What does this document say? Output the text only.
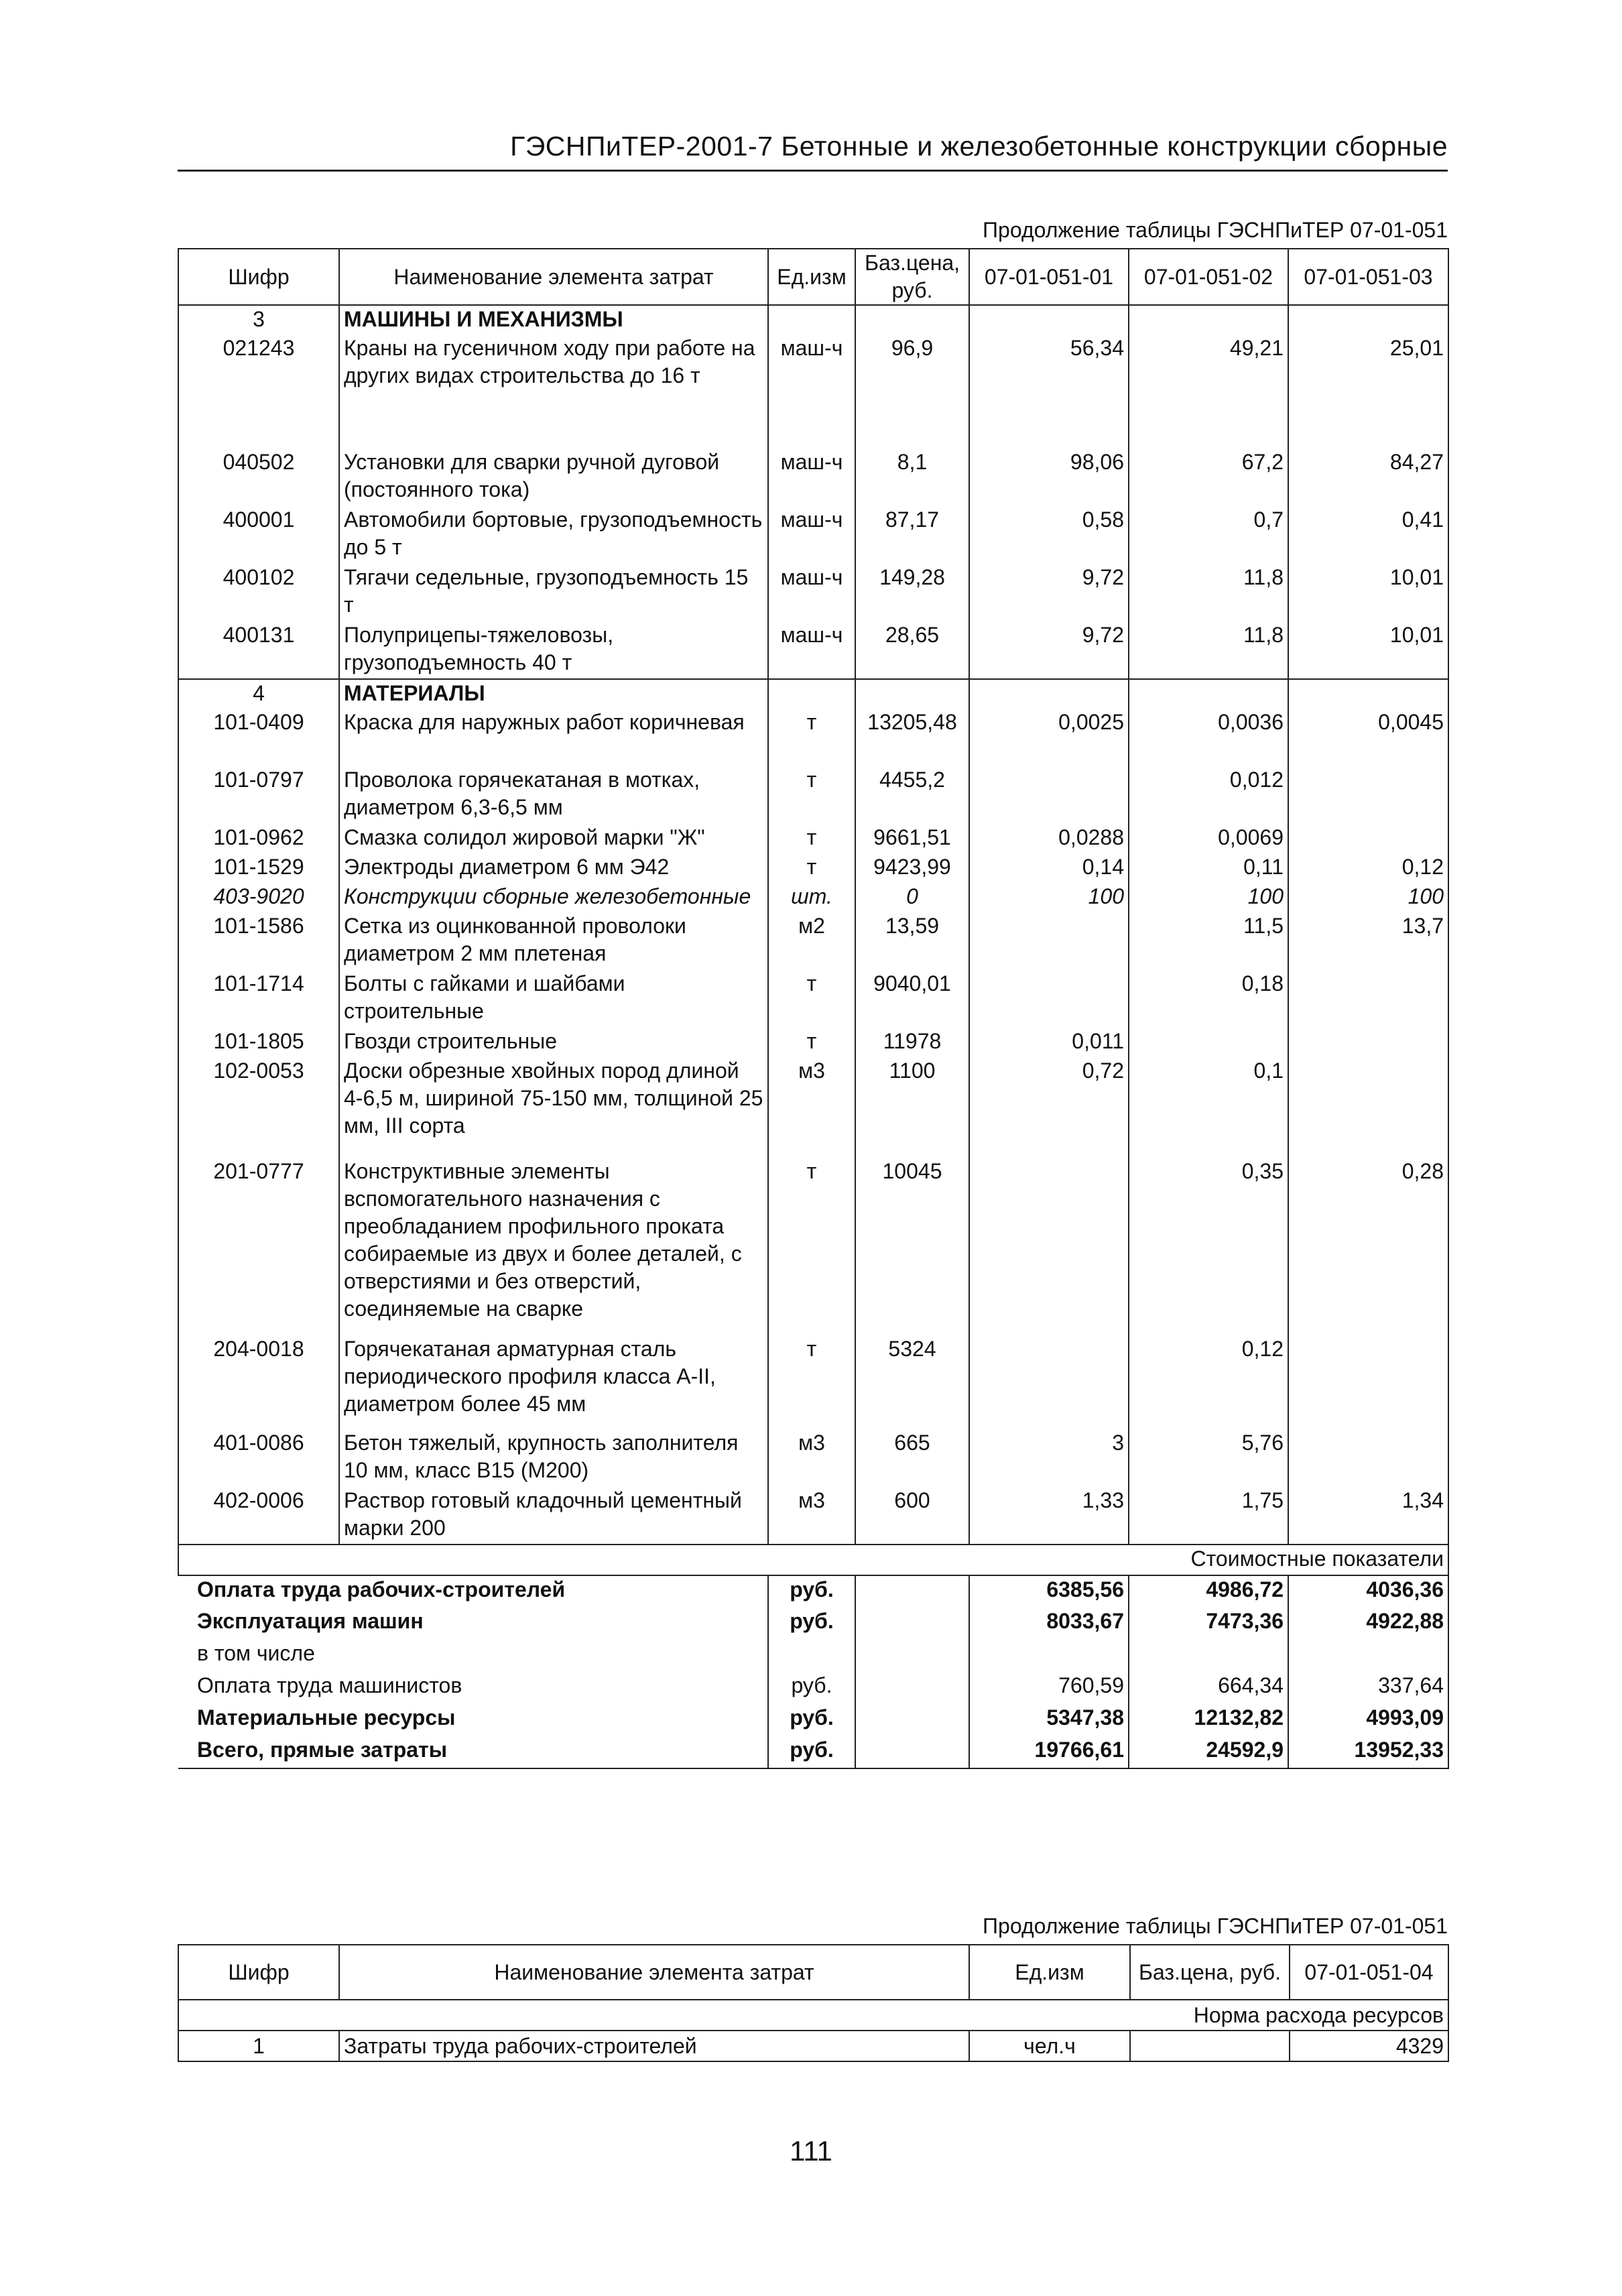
ГЭСНПиТЕР-2001-7 Бетонные и железобетонные конструкции сборные
Продолжение таблицы ГЭСНПиТЕР 07-01-051
Шифр	Наименование элемента затрат	Ед.изм	Баз.цена, руб.	07-01-051-01	07-01-051-02	07-01-051-03
3	МАШИНЫ И МЕХАНИЗМЫ					
021243	Краны на гусеничном ходу при работе на других видах строительства до 16 т	маш-ч	96,9	56,34	49,21	25,01
040502	Установки для сварки ручной дуговой (постоянного тока)	маш-ч	8,1	98,06	67,2	84,27
400001	Автомобили бортовые, грузоподъемность до 5 т	маш-ч	87,17	0,58	0,7	0,41
400102	Тягачи седельные, грузоподъемность 15 т	маш-ч	149,28	9,72	11,8	10,01
400131	Полуприцепы-тяжеловозы, грузоподъемность 40 т	маш-ч	28,65	9,72	11,8	10,01
4	МАТЕРИАЛЫ					
101-0409	Краска для наружных работ коричневая	т	13205,48	0,0025	0,0036	0,0045
101-0797	Проволока горячекатаная в мотках, диаметром 6,3-6,5 мм	т	4455,2		0,012	
101-0962	Смазка солидол жировой марки "Ж"	т	9661,51	0,0288	0,0069	
101-1529	Электроды диаметром 6 мм Э42	т	9423,99	0,14	0,11	0,12
403-9020	Конструкции сборные железобетонные	шт.	0	100	100	100
101-1586	Сетка из оцинкованной проволоки диаметром 2 мм плетеная	м2	13,59		11,5	13,7
101-1714	Болты с гайками и шайбами строительные	т	9040,01		0,18	
101-1805	Гвозди строительные	т	11978	0,011		
102-0053	Доски обрезные хвойных пород длиной 4-6,5 м, шириной 75-150 мм, толщиной 25 мм, III сорта	м3	1100	0,72	0,1	
201-0777	Конструктивные элементы вспомогательного назначения с преобладанием профильного проката собираемые из двух и более деталей, с отверстиями и без отверстий, соединяемые на сварке	т	10045		0,35	0,28
204-0018	Горячекатаная арматурная сталь периодического профиля класса А-II, диаметром более 45 мм	т	5324		0,12	
401-0086	Бетон тяжелый, крупность заполнителя 10 мм, класс В15 (М200)	м3	665	3	5,76	
402-0006	Раствор готовый кладочный цементный марки 200	м3	600	1,33	1,75	1,34
Стоимостные показатели						
Оплата труда рабочих-строителей		руб.		6385,56	4986,72	4036,36
Эксплуатация машин		руб.		8033,67	7473,36	4922,88
в том числе						
Оплата труда машинистов		руб.		760,59	664,34	337,64
Материальные ресурсы		руб.		5347,38	12132,82	4993,09
Всего, прямые затраты		руб.		19766,61	24592,9	13952,33
Продолжение таблицы ГЭСНПиТЕР 07-01-051
Шифр	Наименование элемента затрат	Ед.изм	Баз.цена, руб.	07-01-051-04
Норма расхода ресурсов				
1	Затраты труда рабочих-строителей	чел.ч		4329
111
